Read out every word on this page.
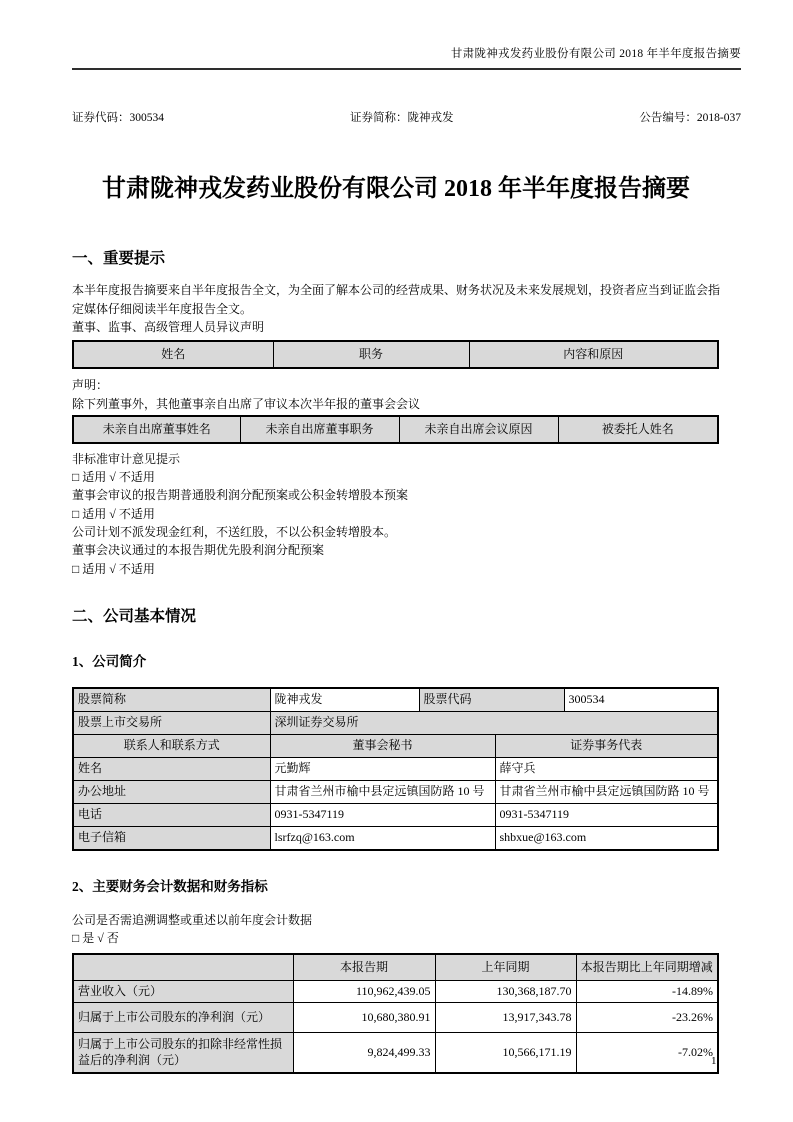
甘肃陇神戎发药业股份有限公司 2018 年半年度报告摘要
证券代码：300534	证券简称：陇神戎发	公告编号：2018-037
甘肃陇神戎发药业股份有限公司 2018 年半年度报告摘要
一、重要提示

本半年度报告摘要来自半年度报告全文，为全面了解本公司的经营成果、财务状况及未来发展规划，投资者应当到证监会指定媒体仔细阅读半年度报告全文。

董事、监事、高级管理人员异议声明
姓名	职务	内容和原因
声明：
除下列董事外，其他董事亲自出席了审议本次半年报的董事会会议
未亲自出席董事姓名	未亲自出席董事职务	未亲自出席会议原因	被委托人姓名
非标准审计意见提示
□ 适用 √ 不适用
董事会审议的报告期普通股利润分配预案或公积金转增股本预案
□ 适用 √ 不适用
公司计划不派发现金红利，不送红股，不以公积金转增股本。
董事会决议通过的本报告期优先股利润分配预案
□ 适用 √ 不适用
二、公司基本情况
1、公司简介
股票简称	陇神戎发	股票代码		300534
股票上市交易所	深圳证券交易所			
联系人和联系方式	董事会秘书		证券事务代表	
姓名	元勤辉		薛守兵	
办公地址	甘肃省兰州市榆中县定远镇国防路 10 号		甘肃省兰州市榆中县定远镇国防路 10 号	
电话	0931-5347119		0931-5347119	
电子信箱	lsrfzq@163.com		shbxue@163.com	
2、主要财务会计数据和财务指标
公司是否需追溯调整或重述以前年度会计数据
□ 是 √ 否
	本报告期	上年同期	本报告期比上年同期增减
营业收入（元）	110,962,439.05	130,368,187.70	-14.89%
归属于上市公司股东的净利润（元）	10,680,380.91	13,917,343.78	-23.26%
归属于上市公司股东的扣除非经常性损益后的净利润（元）	9,824,499.33	10,566,171.19	-7.02%
1
